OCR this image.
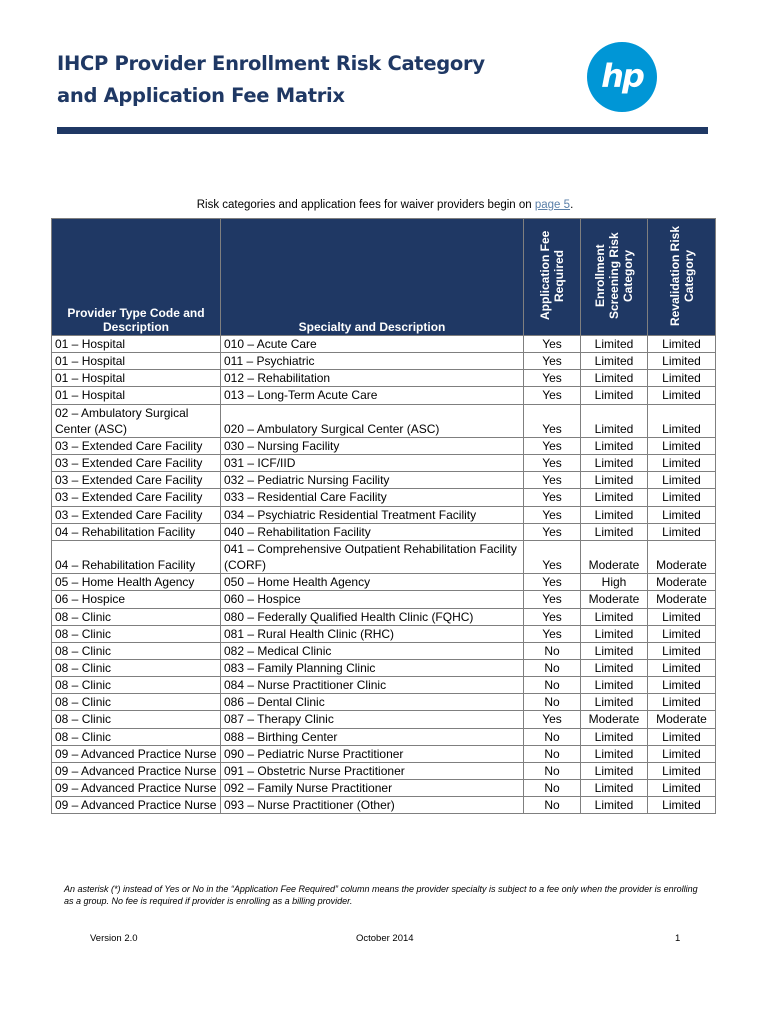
IHCP Provider Enrollment Risk Category
and Application Fee Matrix
hp
Risk categories and application fees for waiver providers begin on page 5.
Provider Type Code and Description	Specialty and Description	Application Fee Required	Enrollment Screening Risk Category	Revalidation Risk Category
01 – Hospital	010 – Acute Care	Yes	Limited	Limited
01 – Hospital	011 – Psychiatric	Yes	Limited	Limited
01 – Hospital	012 – Rehabilitation	Yes	Limited	Limited
01 – Hospital	013 – Long-Term Acute Care	Yes	Limited	Limited
02 – Ambulatory Surgical Center (ASC)	020 – Ambulatory Surgical Center (ASC)	Yes	Limited	Limited
03 – Extended Care Facility	030 – Nursing Facility	Yes	Limited	Limited
03 – Extended Care Facility	031 – ICF/IID	Yes	Limited	Limited
03 – Extended Care Facility	032 – Pediatric Nursing Facility	Yes	Limited	Limited
03 – Extended Care Facility	033 – Residential Care Facility	Yes	Limited	Limited
03 – Extended Care Facility	034 – Psychiatric Residential Treatment Facility	Yes	Limited	Limited
04 – Rehabilitation Facility	040 – Rehabilitation Facility	Yes	Limited	Limited
04 – Rehabilitation Facility	041 – Comprehensive Outpatient Rehabilitation Facility (CORF)	Yes	Moderate	Moderate
05 – Home Health Agency	050 – Home Health Agency	Yes	High	Moderate
06 – Hospice	060 – Hospice	Yes	Moderate	Moderate
08 – Clinic	080 – Federally Qualified Health Clinic (FQHC)	Yes	Limited	Limited
08 – Clinic	081 – Rural Health Clinic (RHC)	Yes	Limited	Limited
08 – Clinic	082 – Medical Clinic	No	Limited	Limited
08 – Clinic	083 – Family Planning Clinic	No	Limited	Limited
08 – Clinic	084 – Nurse Practitioner Clinic	No	Limited	Limited
08 – Clinic	086 – Dental Clinic	No	Limited	Limited
08 – Clinic	087 – Therapy Clinic	Yes	Moderate	Moderate
08 – Clinic	088 – Birthing Center	No	Limited	Limited
09 – Advanced Practice Nurse	090 – Pediatric Nurse Practitioner	No	Limited	Limited
09 – Advanced Practice Nurse	091 – Obstetric Nurse Practitioner	No	Limited	Limited
09 – Advanced Practice Nurse	092 – Family Nurse Practitioner	No	Limited	Limited
09 – Advanced Practice Nurse	093 – Nurse Practitioner (Other)	No	Limited	Limited
An asterisk (*) instead of Yes or No in the “Application Fee Required” column means the provider specialty is subject to a fee only when the provider is enrolling as a group. No fee is required if provider is enrolling as a billing provider.
Version 2.0	October 2014	1
